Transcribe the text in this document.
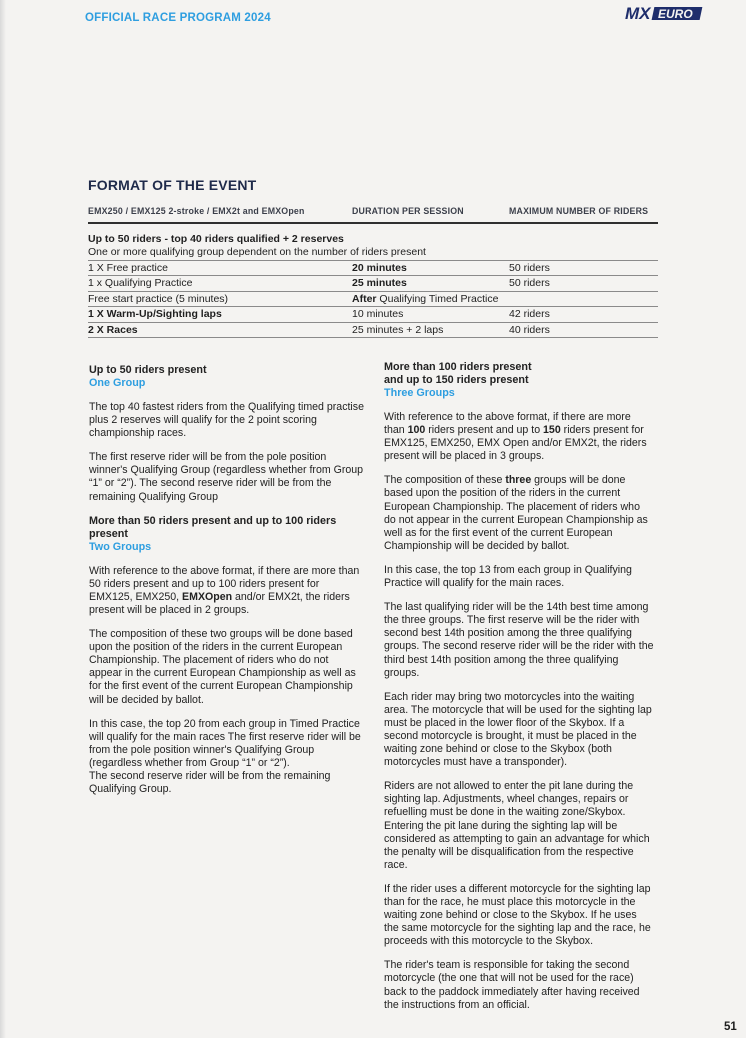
OFFICIAL RACE PROGRAM 2024	MX EURO
FORMAT OF THE EVENT
EMX250 / EMX125 2-stroke / EMX2t and EMXOpen	DURATION PER SESSION	MAXIMUM NUMBER OF RIDERS
Up to 50 riders - top 40 riders qualified + 2 reserves
One or more qualifying group dependent on the number of riders present
1 X Free practice	20 minutes	50 riders
1 x Qualifying Practice	25 minutes	50 riders
Free start practice (5 minutes)	After Qualifying Timed Practice
1 X Warm-Up/Sighting laps	10 minutes	42 riders
2 X Races	25 minutes + 2 laps	40 riders
Up to 50 riders present
One Group

The top 40 fastest riders from the Qualifying timed practise plus 2 reserves will qualify for the 2 point scoring championship races.

The first reserve rider will be from the pole position winner's Qualifying Group (regardless whether from Group “1” or “2”). The second reserve rider will be from the remaining Qualifying Group

More than 50 riders present and up to 100 riders present
Two Groups

With reference to the above format, if there are more than 50 riders present and up to 100 riders present for EMX125, EMX250, EMXOpen and/or EMX2t, the riders present will be placed in 2 groups.

The composition of these two groups will be done based upon the position of the riders in the current European Championship. The placement of riders who do not appear in the current European Championship as well as for the first event of the current European Championship will be decided by ballot.

In this case, the top 20 from each group in Timed Practice will qualify for the main races The first reserve rider will be from the pole position winner's Qualifying Group (regardless whether from Group “1” or “2”).

The second reserve rider will be from the remaining Qualifying Group.

More than 100 riders present
and up to 150 riders present
Three Groups

With reference to the above format, if there are more than 100 riders present and up to 150 riders present for EMX125, EMX250, EMX Open and/or EMX2t, the riders present will be placed in 3 groups.

The composition of these three groups will be done based upon the position of the riders in the current European Championship. The placement of riders who do not appear in the current European Championship as well as for the first event of the current European Championship will be decided by ballot.

In this case, the top 13 from each group in Qualifying Practice will qualify for the main races.

The last qualifying rider will be the 14th best time among the three groups. The first reserve will be the rider with second best 14th position among the three qualifying groups. The second reserve rider will be the rider with the third best 14th position among the three qualifying groups.

Each rider may bring two motorcycles into the waiting area. The motorcycle that will be used for the sighting lap must be placed in the lower floor of the Skybox. If a second motorcycle is brought, it must be placed in the waiting zone behind or close to the Skybox (both motorcycles must have a transponder).

Riders are not allowed to enter the pit lane during the sighting lap. Adjustments, wheel changes, repairs or refuelling must be done in the waiting zone/Skybox. Entering the pit lane during the sighting lap will be considered as attempting to gain an advantage for which the penalty will be disqualification from the respective race.

If the rider uses a different motorcycle for the sighting lap than for the race, he must place this motorcycle in the waiting zone behind or close to the Skybox. If he uses the same motorcycle for the sighting lap and the race, he proceeds with this motorcycle to the Skybox.

The rider's team is responsible for taking the second motorcycle (the one that will not be used for the race) back to the paddock immediately after having received the instructions from an official.

51
